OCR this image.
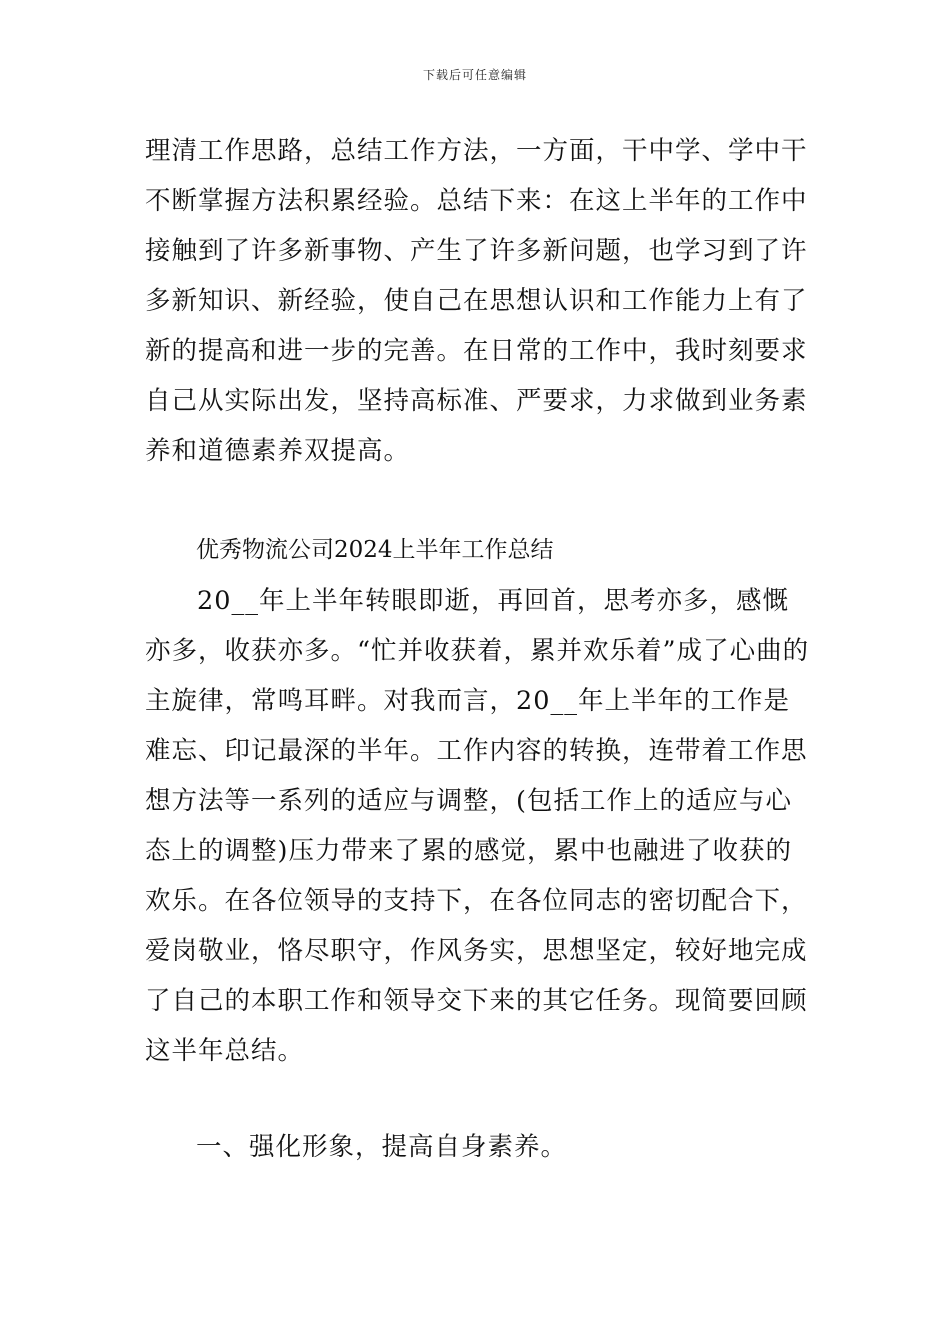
下载后可任意编辑

理清工作思路，总结工作方法，一方面，干中学、学中干不断掌握方法积累经验。总结下来：在这上半年的工作中接触到了许多新事物、产生了许多新问题，也学习到了许多新知识、新经验，使自己在思想认识和工作能力上有了新的提高和进一步的完善。在日常的工作中，我时刻要求自己从实际出发，坚持高标准、严要求，力求做到业务素养和道德素养双提高。

优秀物流公司2024上半年工作总结

20__年上半年转眼即逝，再回首，思考亦多，感慨亦多，收获亦多。“忙并收获着，累并欢乐着”成了心曲的主旋律，常鸣耳畔。对我而言，20__年上半年的工作是难忘、印记最深的半年。工作内容的转换，连带着工作思想方法等一系列的适应与调整，(包括工作上的适应与心态上的调整)压力带来了累的感觉，累中也融进了收获的欢乐。在各位领导的支持下，在各位同志的密切配合下，爱岗敬业，恪尽职守，作风务实，思想坚定，较好地完成了自己的本职工作和领导交下来的其它任务。现简要回顾这半年总结。

一、强化形象，提高自身素养。
